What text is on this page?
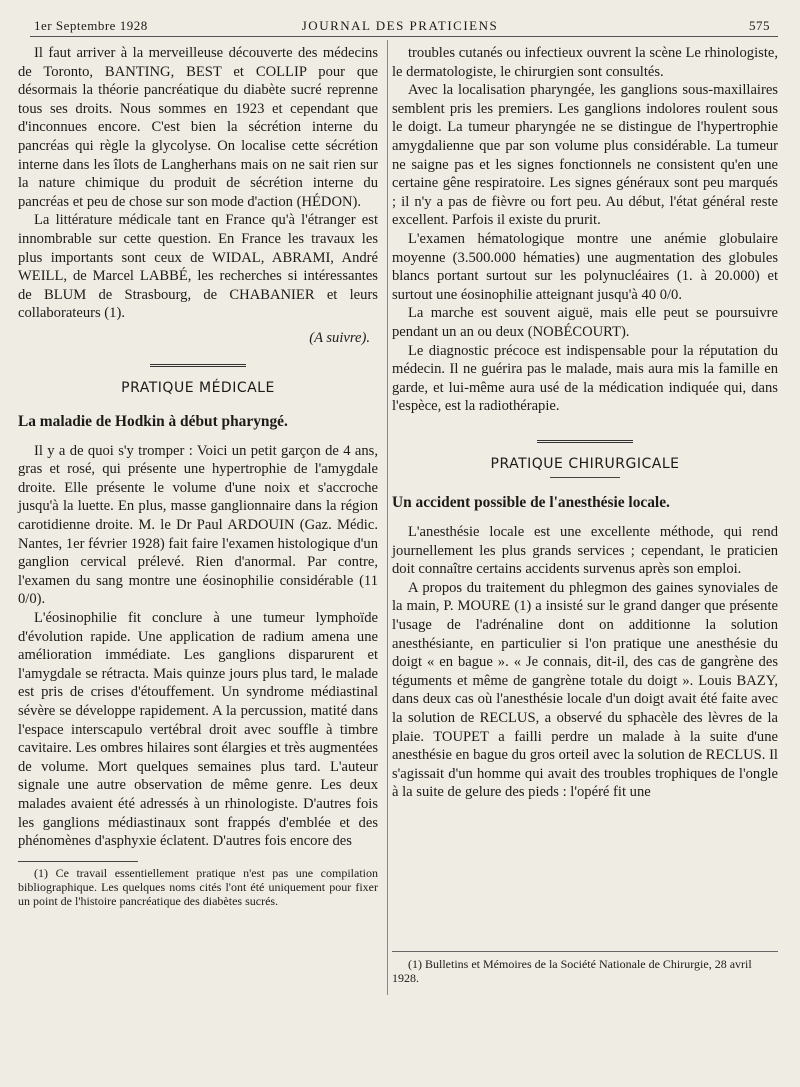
1er Septembre 1928	JOURNAL DES PRATICIENS	575

Il faut arriver à la merveilleuse découverte des médecins de Toronto, BANTING, BEST et COLLIP pour que désormais la théorie pancréatique du diabète sucré reprenne tous ses droits. Nous sommes en 1923 et cependant que d'inconnues encore. C'est bien la sécrétion interne du pancréas qui règle la glycolyse. On localise cette sécrétion interne dans les îlots de Langherhans mais on ne sait rien sur la nature chimique du produit de sécrétion interne du pancréas et peu de chose sur son mode d'action (HÉDON).

La littérature médicale tant en France qu'à l'étranger est innombrable sur cette question. En France les travaux les plus importants sont ceux de WIDAL, ABRAMI, André WEILL, de Marcel LABBÉ, les recherches si intéressantes de BLUM de Strasbourg, de CHABANIER et leurs collaborateurs (1).

(A suivre).
PRATIQUE MÉDICALE
La maladie de Hodkin à début pharyngé.

Il y a de quoi s'y tromper : Voici un petit garçon de 4 ans, gras et rosé, qui présente une hypertrophie de l'amygdale droite. Elle présente le volume d'une noix et s'accroche jusqu'à la luette. En plus, masse ganglionnaire dans la région carotidienne droite. M. le Dr Paul ARDOUIN (Gaz. Médic. Nantes, 1er février 1928) fait faire l'examen histologique d'un ganglion cervical prélevé. Rien d'anormal. Par contre, l'examen du sang montre une éosinophilie considérable (11 0/0).

L'éosinophilie fit conclure à une tumeur lymphoïde d'évolution rapide. Une application de radium amena une amélioration immédiate. Les ganglions disparurent et l'amygdale se rétracta. Mais quinze jours plus tard, le malade est pris de crises d'étouffement. Un syndrome médiastinal sévère se développe rapidement. A la percussion, matité dans l'espace interscapulo vertébral droit avec souffle à timbre cavitaire. Les ombres hilaires sont élargies et très augmentées de volume. Mort quelques semaines plus tard. L'auteur signale une autre observation de même genre. Les deux malades avaient été adressés à un rhinologiste. D'autres fois les ganglions médiastinaux sont frappés d'emblée et des phénomènes d'asphyxie éclatent. D'autres fois encore des

(1) Ce travail essentiellement pratique n'est pas une compilation bibliographique. Les quelques noms cités l'ont été uniquement pour fixer un point de l'histoire pancréatique des diabètes sucrés.

troubles cutanés ou infectieux ouvrent la scène Le rhinologiste, le dermatologiste, le chirurgien sont consultés.

Avec la localisation pharyngée, les ganglions sous-maxillaires semblent pris les premiers. Les ganglions indolores roulent sous le doigt. La tumeur pharyngée ne se distingue de l'hypertrophie amygdalienne que par son volume plus considérable. La tumeur ne saigne pas et les signes fonctionnels ne consistent qu'en une certaine gêne respiratoire. Les signes généraux sont peu marqués ; il n'y a pas de fièvre ou fort peu. Au début, l'état général reste excellent. Parfois il existe du prurit.

L'examen hématologique montre une anémie globulaire moyenne (3.500.000 hématies) une augmentation des globules blancs portant surtout sur les polynucléaires (1. à 20.000) et surtout une éosinophilie atteignant jusqu'à 40 0/0.

La marche est souvent aiguë, mais elle peut se poursuivre pendant un an ou deux (NOBÉCOURT).

Le diagnostic précoce est indispensable pour la réputation du médecin. Il ne guérira pas le malade, mais aura mis la famille en garde, et lui-même aura usé de la médication indiquée qui, dans l'espèce, est la radiothérapie.

PRATIQUE CHIRURGICALE
Un accident possible de l'anesthésie locale.

L'anesthésie locale est une excellente méthode, qui rend journellement les plus grands services ; cependant, le praticien doit connaître certains accidents survenus après son emploi.

A propos du traitement du phlegmon des gaines synoviales de la main, P. MOURE (1) a insisté sur le grand danger que présente l'usage de l'adrénaline dont on additionne la solution anesthésiante, en particulier si l'on pratique une anesthésie du doigt « en bague ». « Je connais, dit-il, des cas de gangrène des téguments et même de gangrène totale du doigt ». Louis BAZY, dans deux cas où l'anesthésie locale d'un doigt avait été faite avec la solution de RECLUS, a observé du sphacèle des lèvres de la plaie. TOUPET a failli perdre un malade à la suite d'une anesthésie en bague du gros orteil avec la solution de RECLUS. Il s'agissait d'un homme qui avait des troubles trophiques de l'ongle à la suite de gelure des pieds : l'opéré fit une

(1) Bulletins et Mémoires de la Société Nationale de Chirurgie, 28 avril 1928.
